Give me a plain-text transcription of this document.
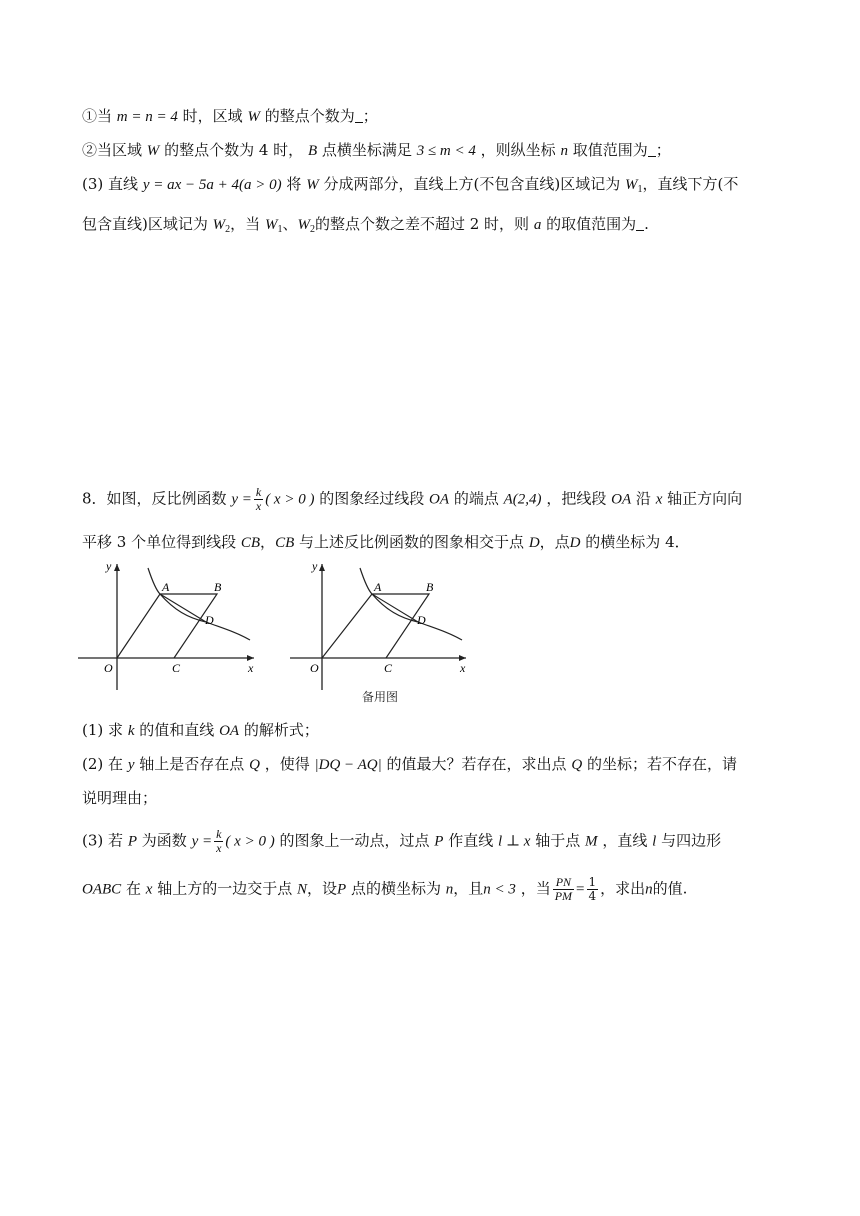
①当 m = n = 4 时，区域 W 的整点个数为 ；
②当区域 W 的整点个数为 4 时， B 点横坐标满足 3 ≤ m < 4 ，则纵坐标 n 取值范围为 ；
(3) 直线 y = ax − 5a + 4(a > 0) 将 W 分成两部分，直线上方(不包含直线)区域记为 $W_1$，直线下方(不
包含直线)区域记为 $W_2$，当 $W_1$、$W_2$的整点个数之差不超过 2 时，则 a 的取值范围为 .
8．如图，反比例函数 $y = \frac{k}{x}$ ( x > 0 ) 的图象经过线段 OA 的端点 A(2,4) ，把线段 OA 沿 x 轴正方向向
平移 3 个单位得到线段 CB，CB 与上述反比例函数的图象相交于点 D，点D 的横坐标为 4．
A	B
D
C
O	x
y
A	B
D
C
O	x
y
备用图
(1) 求 k 的值和直线 OA 的解析式；
(2) 在 y 轴上是否存在点 Q ，使得 |DQ − AQ| 的值最大？若存在，求出点 Q 的坐标；若不存在，请
说明理由；
(3) 若 P 为函数 $y = \frac{k}{x}$ ( x > 0 ) 的图象上一动点，过点 P 作直线 l ⊥ x 轴于点 M ，直线 l 与四边形
OABC 在 x 轴上方的一边交于点 N，设P 点的横坐标为 n，且n < 3 ，当 $\frac{PN}{PM} = \frac{1}{4}$ ，求出n的值.
